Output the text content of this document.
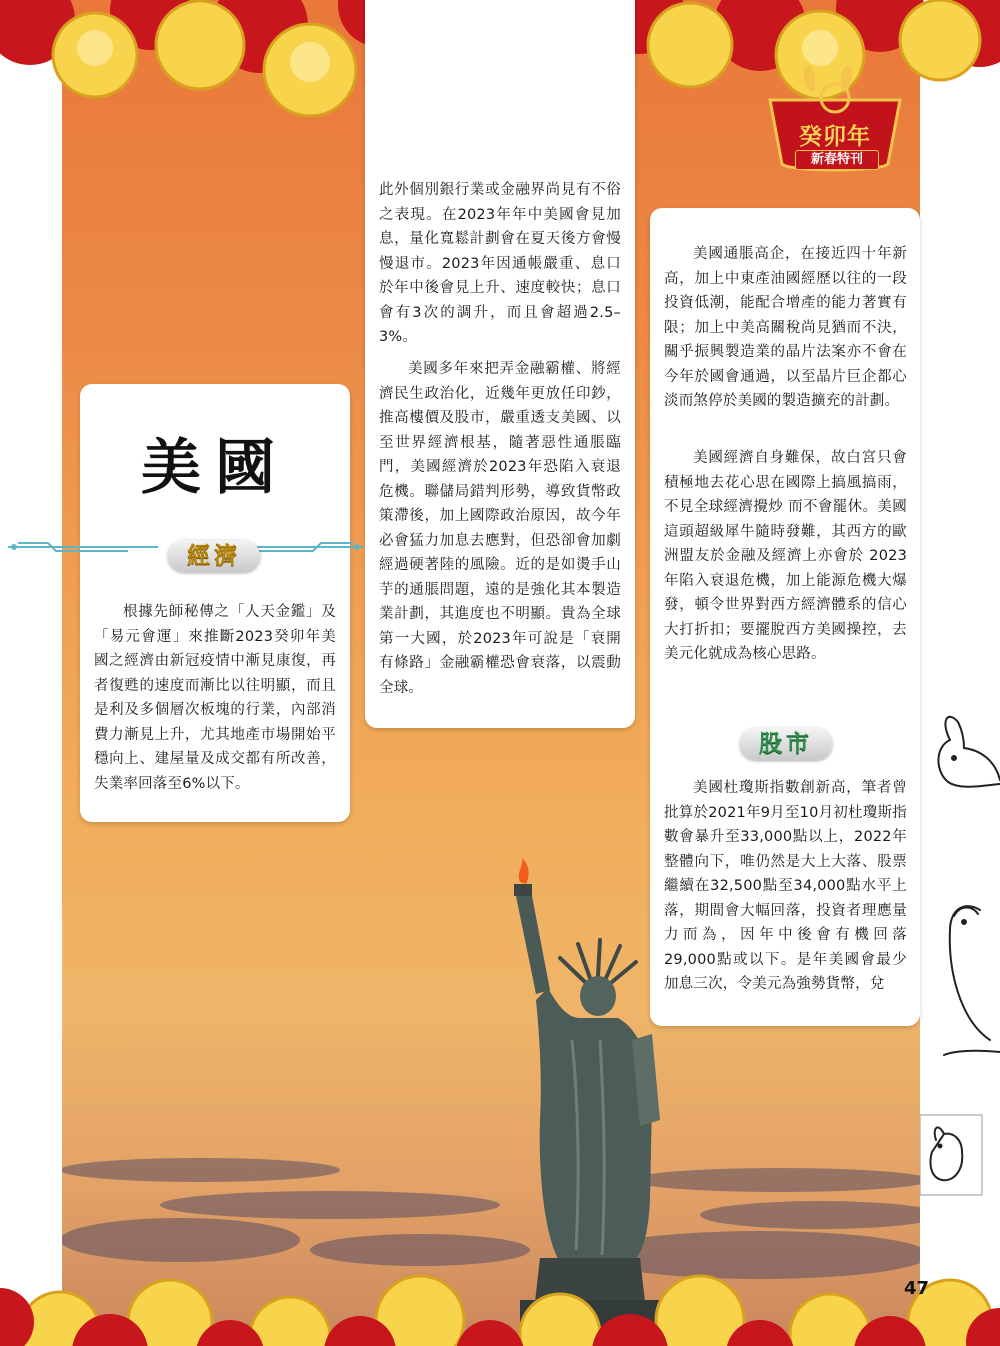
癸卯年
新春特刊
美國
經濟

根據先師秘傳之「人天金鑑」及「易元會運」來推斷2023癸卯年美國之經濟由新冠疫情中漸見康復，再者復甦的速度而漸比以往明顯，而且是利及多個層次板塊的行業，內部消費力漸見上升，尤其地產市場開始平穩向上、建屋量及成交都有所改善，失業率回落至6%以下。

此外個別銀行業或金融界尚見有不俗之表現。在2023年年中美國會見加息，量化寬鬆計劃會在夏天後方會慢慢退市。2023年因通帳嚴重、息口於年中後會見上升、速度較快；息口會有3次的調升，而且會超過2.5–3%。

美國多年來把弄金融霸權、將經濟民生政治化，近幾年更放任印鈔，推高樓價及股市，嚴重透支美國、以至世界經濟根基，隨著惡性通脹臨門，美國經濟於2023年恐陷入衰退危機。聯儲局錯判形勢，導致貨幣政策滯後，加上國際政治原因，故今年必會猛力加息去應對，但恐卻會加劇經過硬著陸的風險。近的是如燙手山芋的通脹問題，遠的是強化其本製造業計劃，其進度也不明顯。貴為全球第一大國，於2023年可說是「衰開有條路」金融霸權恐會衰落，以震動全球。

美國通脹高企，在接近四十年新高，加上中東產油國經歷以往的一段投資低潮，能配合增產的能力著實有限；加上中美高關稅尚見猶而不決，關乎振興製造業的晶片法案亦不會在今年於國會通過，以至晶片巨企都心淡而煞停於美國的製造擴充的計劃。

美國經濟自身難保，故白宮只會積極地去花心思在國際上搞風搞雨，不見全球經濟攪炒 而不會罷休。美國這頭超級犀牛隨時發難，其西方的歐洲盟友於金融及經濟上亦會於 2023年陷入衰退危機，加上能源危機大爆發，頓令世界對西方經濟體系的信心大打折扣；要擺脫西方美國操控，去美元化就成為核心思路。

股市

美國杜瓊斯指數創新高，筆者曾批算於2021年9月至10月初杜瓊斯指數會暴升至33,000點以上，2022年整體向下，唯仍然是大上大落、股票繼續在32,500點至34,000點水平上落，期間會大幅回落，投資者理應量力而為，因年中後會有機回落29,000點或以下。是年美國會最少加息三次，令美元為強勢貨幣，兌

47
